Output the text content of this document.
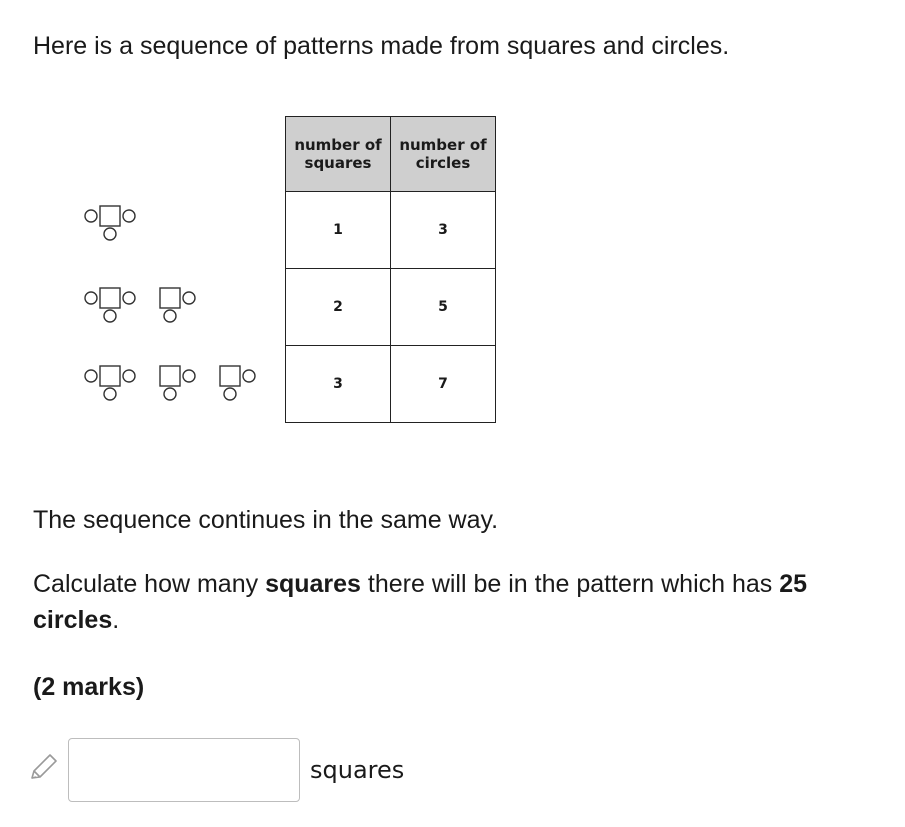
Here is a sequence of patterns made from squares and circles.
number of squares	number of circles
1	3
2	5
3	7
The sequence continues in the same way.
Calculate how many squares there will be in the pattern which has 25 circles.
(2 marks)
squares
